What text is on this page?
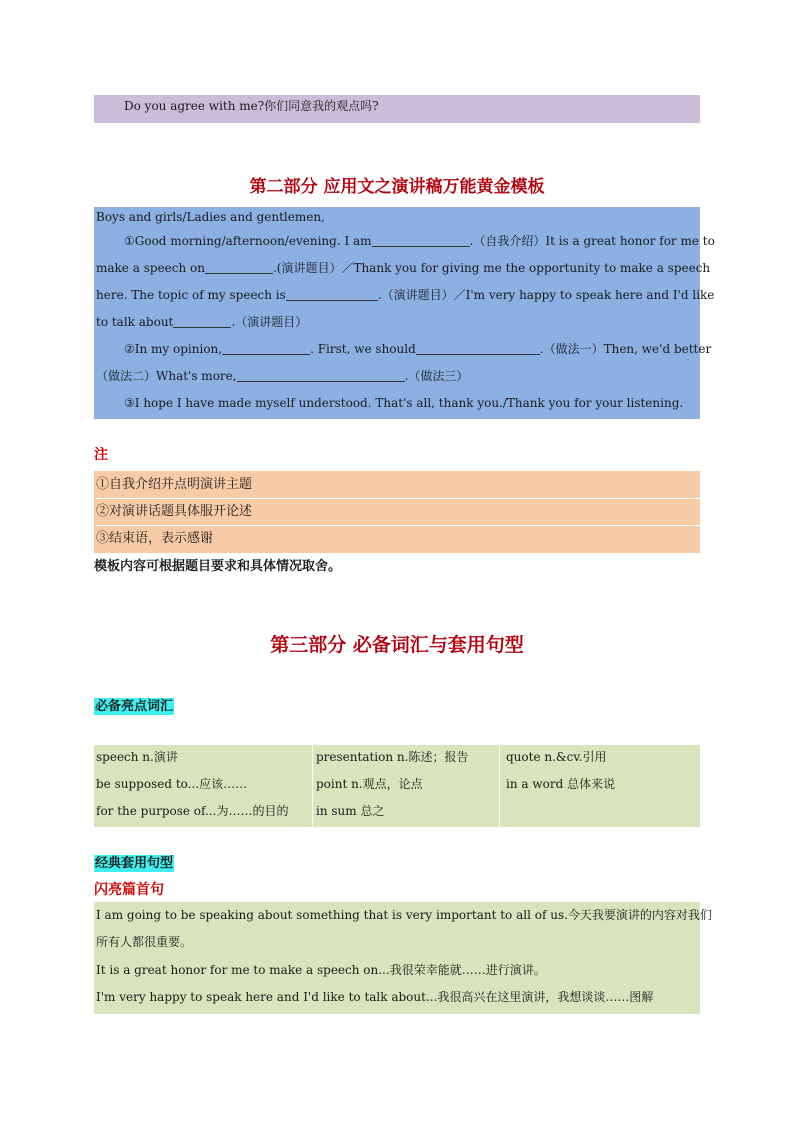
Do you agree with me?你们同意我的观点吗?
第二部分 应用文之演讲稿万能黄金模板
Boys and girls/Ladies and gentlemen,
①Good morning/afternoon/evening. I am	.（自我介绍）It is a great honor for me to
make a speech on	.(演讲题目）／Thank you for giving me the opportunity to make a speech
here. The topic of my speech is	.（演讲题目）／I'm very happy to speak here and I'd like
to talk about	.（演讲题目）
②In my opinion,	. First, we should	.（做法一）Then, we'd better
（做法二）What's more,	.（做法三）
③I hope I have made myself understood. That's all, thank you./Thank you for your listening.
注
①自我介绍并点明演讲主题
②对演讲话题具体服开论述
③结束语，表示感谢
模板内容可根据题目要求和具体情况取舍。
第三部分 必备词汇与套用句型
必备亮点词汇
speech n.演讲	presentation n.陈述；报告	quote n.&cv.引用
be supposed to...应该……	point n.观点，论点	in a word 总体来说
for the purpose of...为……的目的 in sum 总之
经典套用句型
闪亮篇首句
I am going to be speaking about something that is very important to all of us.今天我要演讲的内容对我们
所有人都很重要。
It is a great honor for me to make a speech on...我很荣幸能就……进行演讲。
I'm very happy to speak here and I'd like to talk about...我很高兴在这里演讲，我想谈谈……图解
